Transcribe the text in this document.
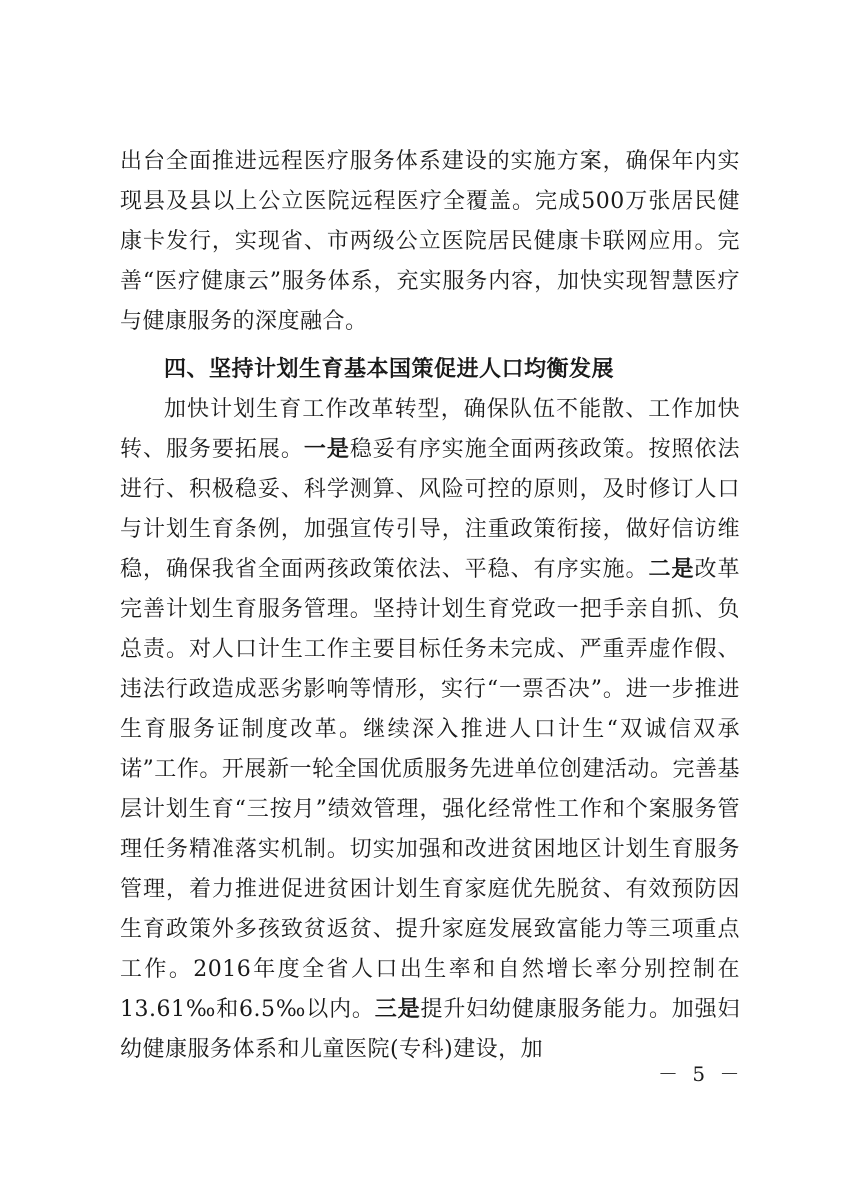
出台全面推进远程医疗服务体系建设的实施方案，确保年内实现县及县以上公立医院远程医疗全覆盖。完成500万张居民健康卡发行，实现省、市两级公立医院居民健康卡联网应用。完善“医疗健康云”服务体系，充实服务内容，加快实现智慧医疗与健康服务的深度融合。

四、坚持计划生育基本国策促进人口均衡发展

加快计划生育工作改革转型，确保队伍不能散、工作加快转、服务要拓展。一是稳妥有序实施全面两孩政策。按照依法进行、积极稳妥、科学测算、风险可控的原则，及时修订人口与计划生育条例，加强宣传引导，注重政策衔接，做好信访维稳，确保我省全面两孩政策依法、平稳、有序实施。二是改革完善计划生育服务管理。坚持计划生育党政一把手亲自抓、负总责。对人口计生工作主要目标任务未完成、严重弄虚作假、违法行政造成恶劣影响等情形，实行“一票否决”。进一步推进生育服务证制度改革。继续深入推进人口计生“双诚信双承诺”工作。开展新一轮全国优质服务先进单位创建活动。完善基层计划生育“三按月”绩效管理，强化经常性工作和个案服务管理任务精准落实机制。切实加强和改进贫困地区计划生育服务管理，着力推进促进贫困计划生育家庭优先脱贫、有效预防因生育政策外多孩致贫返贫、提升家庭发展致富能力等三项重点工作。2016年度全省人口出生率和自然增长率分别控制在13.61‰和6.5‰以内。三是提升妇幼健康服务能力。加强妇幼健康服务体系和儿童医院(专科)建设，加

－ 5 －
